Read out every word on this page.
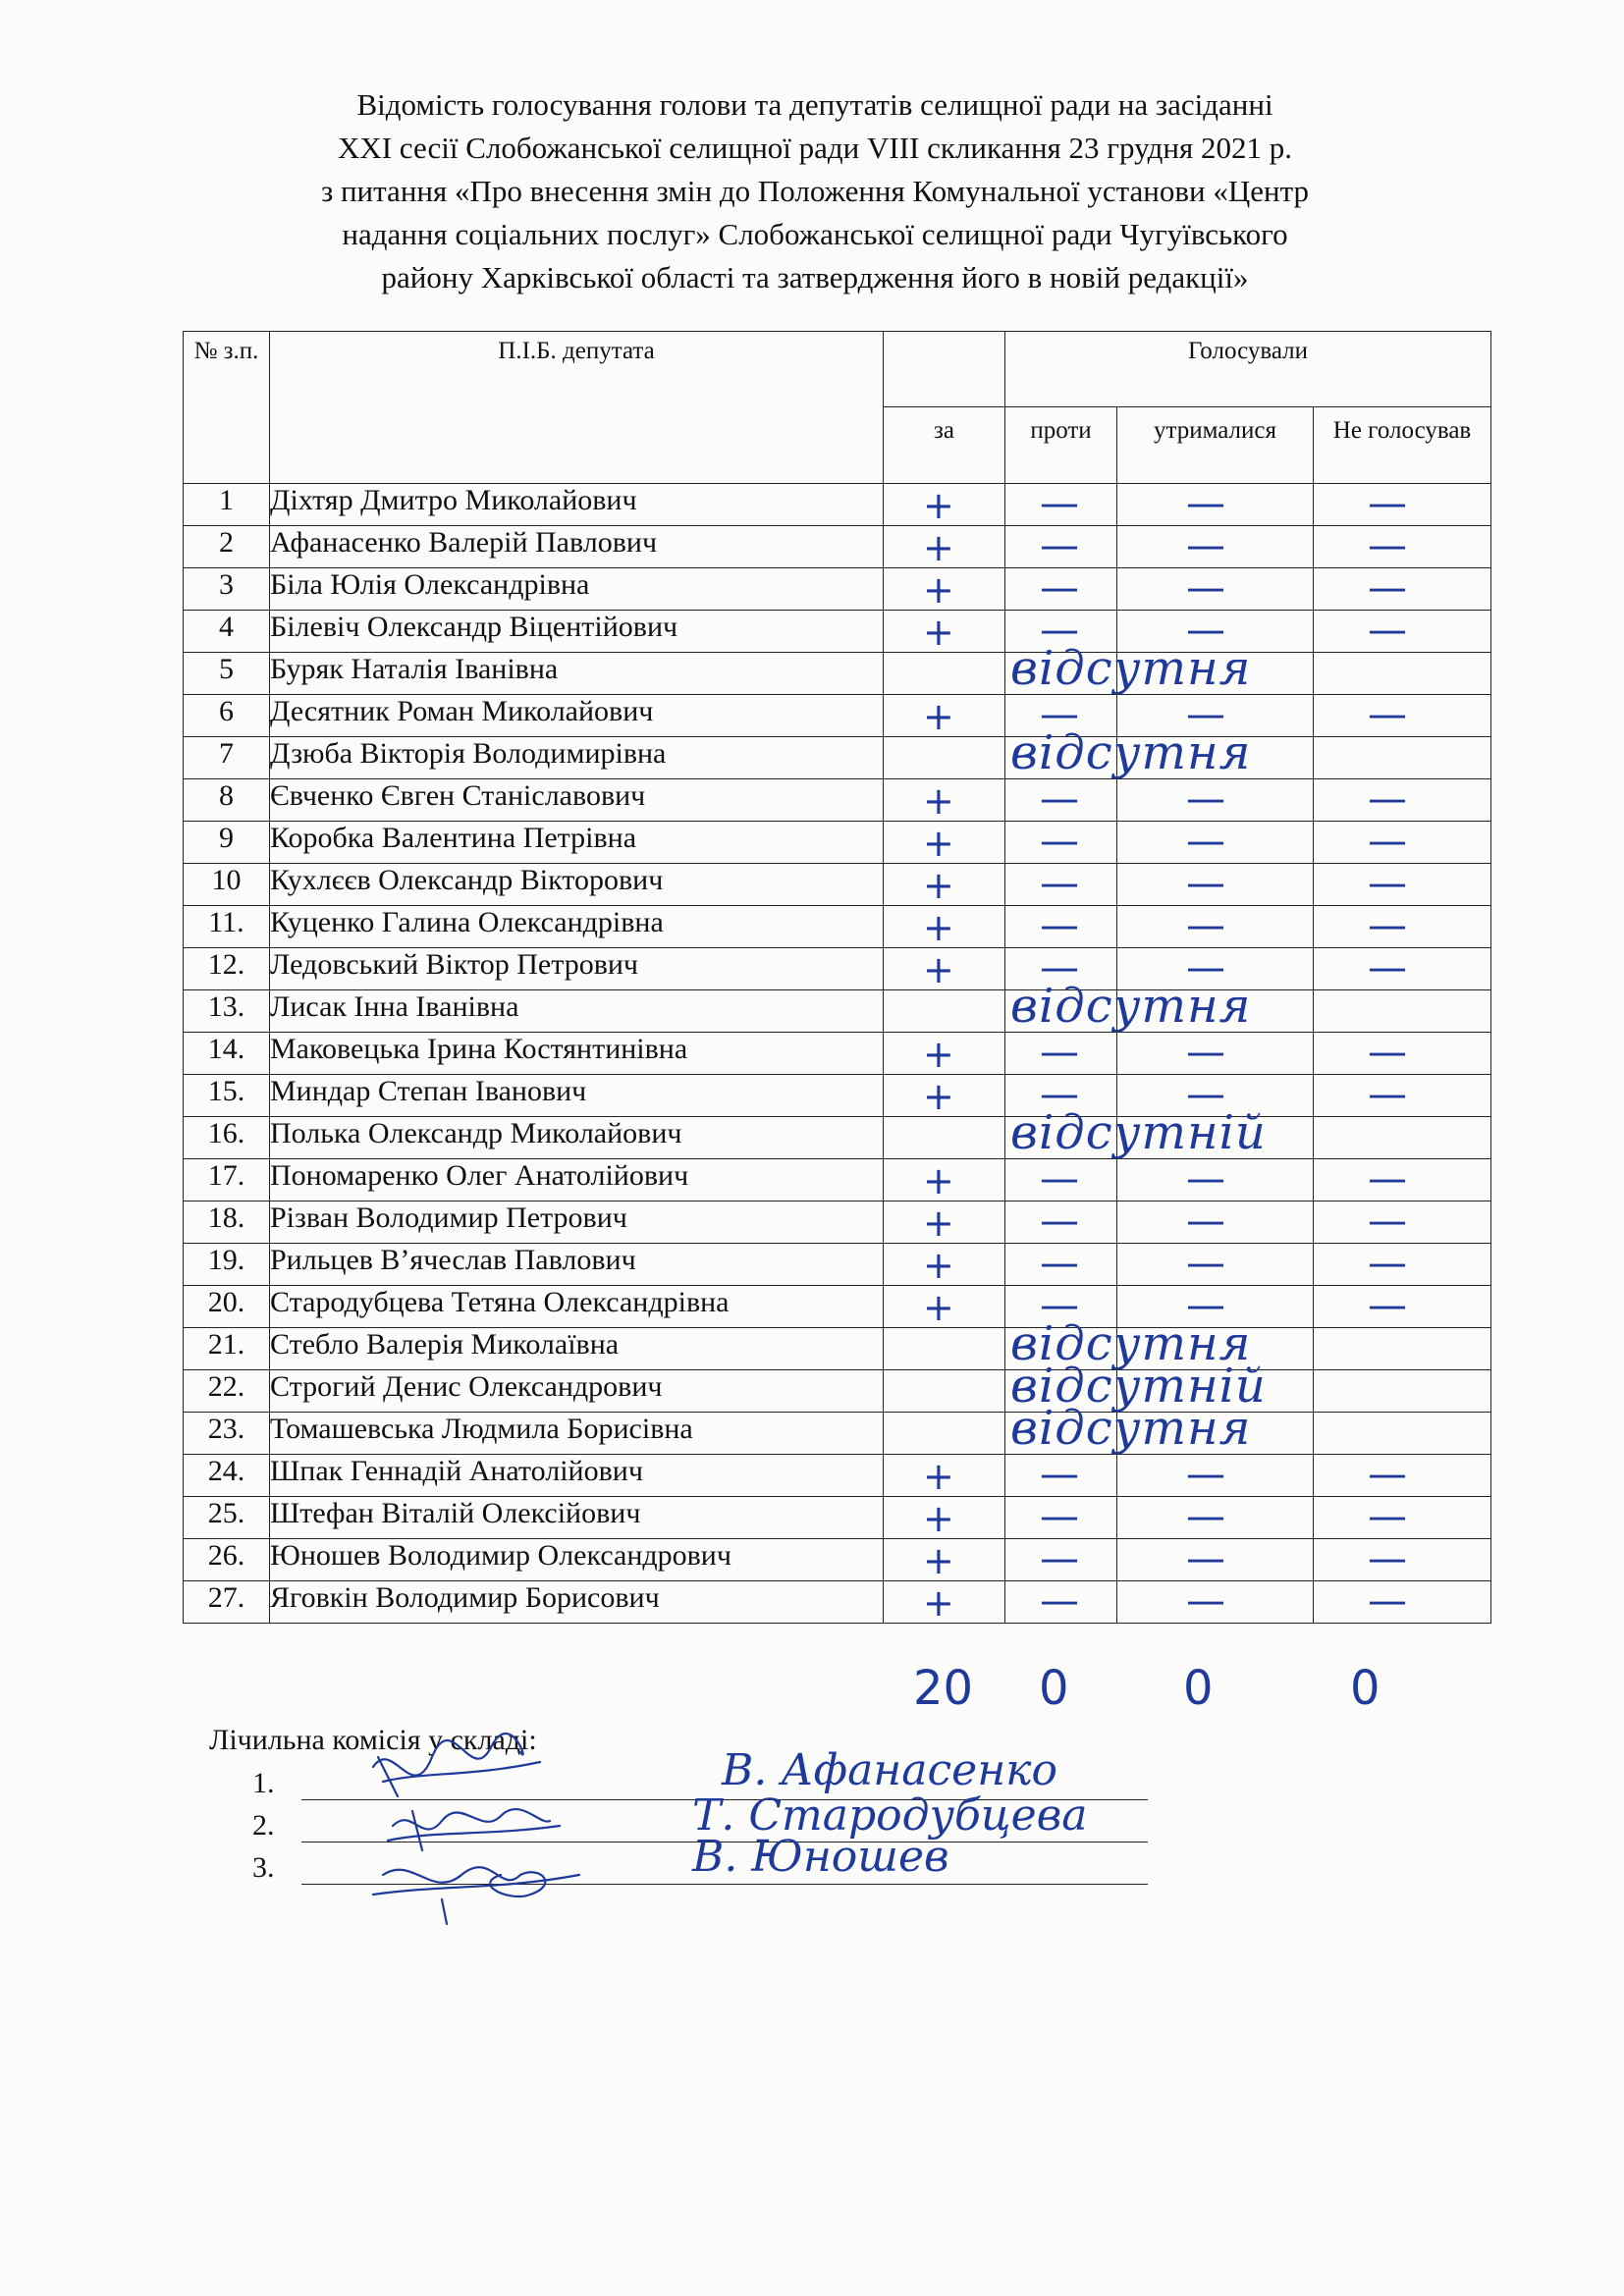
Відомість голосування голови та депутатів селищної ради на засіданні
XXI сесії Слобожанської селищної ради VIII скликання 23 грудня 2021 р.
з питання «Про внесення змін до Положення Комунальної установи «Центр
надання соціальних послуг» Слобожанської селищної ради Чугуївського
району Харківської області та затвердження його в новій редакції»
№ з.п.	П.І.Б. депутата		Голосували		
		за	проти	утрималися	Не голосував
1	Діхтяр Дмитро Миколайович	+	—	—	—

2	Афанасенко Валерій Павлович	+	—	—	—

3	Біла Юлія Олександрівна	+	—	—	—

4	Білевіч Олександр Віцентійович	+	—	—	—

5	Буряк Наталія Іванівна		відсутня		

6	Десятник Роман Миколайович	+	—	—	—

7	Дзюба Вікторія Володимирівна		відсутня		

8	Євченко Євген Станіславович	+	—	—	—

9	Коробка Валентина Петрівна	+	—	—	—

10	Кухлєєв Олександр Вікторович	+	—	—	—

11.	Куценко Галина Олександрівна	+	—	—	—

12.	Ледовський Віктор Петрович	+	—	—	—

13.	Лисак Інна Іванівна		відсутня		

14.	Маковецька Ірина Костянтинівна	+	—	—	—

15.	Миндар Степан Іванович	+	—	—	—

16.	Полька Олександр Миколайович		відсутній		

17.	Пономаренко Олег Анатолійович	+	—	—	—

18.	Різван Володимир Петрович	+	—	—	—

19.	Рильцев В’ячеслав Павлович	+	—	—	—

20.	Стародубцева Тетяна Олександрівна	+	—	—	—

21.	Стебло Валерія Миколаївна		відсутня		

22.	Строгий Денис Олександрович		відсутній		

23.	Томашевська Людмила Борисівна		відсутня		

24.	Шпак Геннадій Анатолійович	+	—	—	—

25.	Штефан Віталій Олексійович	+	—	—	—

26.	Юношев Володимир Олександрович	+	—	—	—

27.	Яговкін Володимир Борисович	+	—	—	—
20 0 0	0
Лічильна комісія у складі:
1.
2.
3.
В. Афанасенко
Т. Стародубцева
В. Юношев
